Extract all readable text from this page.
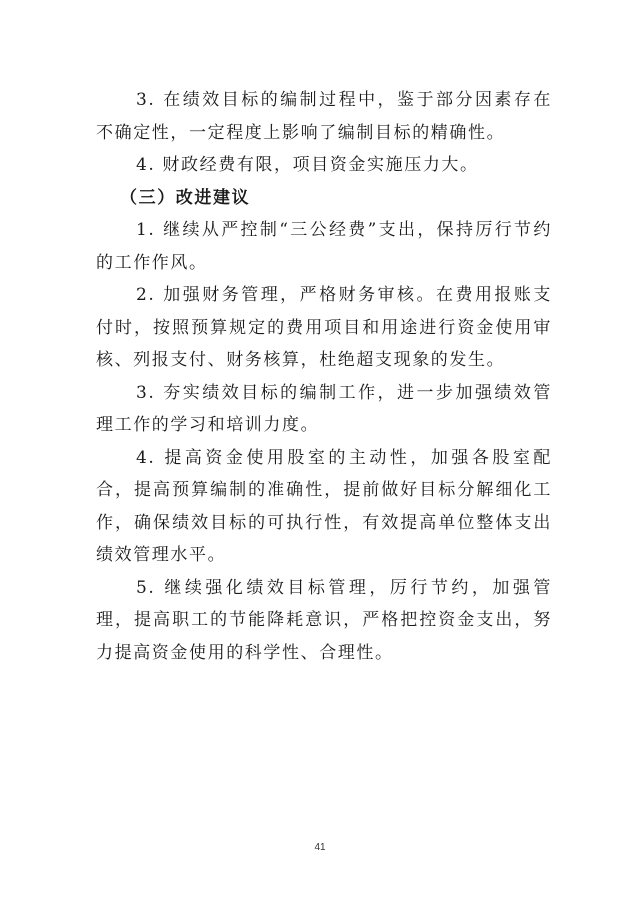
3. 在绩效目标的编制过程中，鉴于部分因素存在不确定性，一定程度上影响了编制目标的精确性。

4. 财政经费有限，项目资金实施压力大。

（三）改进建议

1. 继续从严控制“三公经费”支出，保持厉行节约的工作作风。

2. 加强财务管理，严格财务审核。在费用报账支付时，按照预算规定的费用项目和用途进行资金使用审核、列报支付、财务核算，杜绝超支现象的发生。

3. 夯实绩效目标的编制工作，进一步加强绩效管理工作的学习和培训力度。

4. 提高资金使用股室的主动性，加强各股室配合，提高预算编制的准确性，提前做好目标分解细化工作，确保绩效目标的可执行性，有效提高单位整体支出绩效管理水平。

5. 继续强化绩效目标管理，厉行节约，加强管理，提高职工的节能降耗意识，严格把控资金支出，努力提高资金使用的科学性、合理性。

41
